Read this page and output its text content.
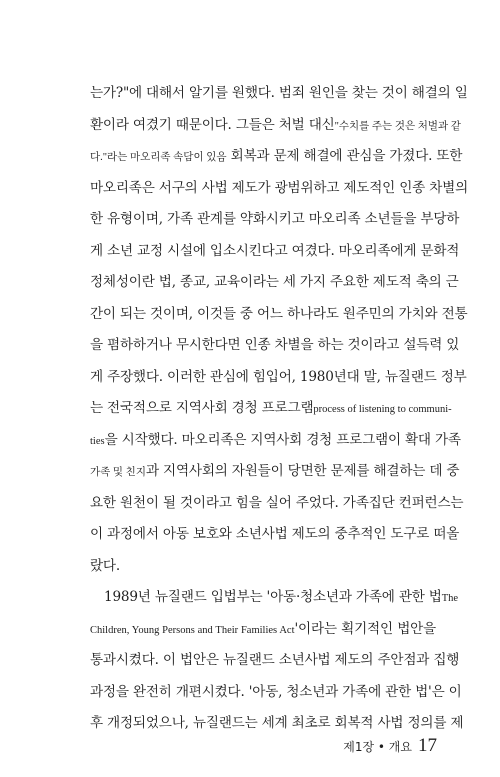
는가?"에 대해서 알기를 원했다. 범죄 원인을 찾는 것이 해결의 일
환이라 여겼기 때문이다. 그들은 처벌 대신"수치를 주는 것은 처벌과 같
다."라는 마오리족 속담이 있음 회복과 문제 해결에 관심을 가졌다. 또한
마오리족은 서구의 사법 제도가 광범위하고 제도적인 인종 차별의
한 유형이며, 가족 관계를 약화시키고 마오리족 소년들을 부당하
게 소년 교정 시설에 입소시킨다고 여겼다. 마오리족에게 문화적
정체성이란 법, 종교, 교육이라는 세 가지 주요한 제도적 축의 근
간이 되는 것이며, 이것들 중 어느 하나라도 원주민의 가치와 전통
을 폄하하거나 무시한다면 인종 차별을 하는 것이라고 설득력 있
게 주장했다. 이러한 관심에 힘입어, 1980년대 말, 뉴질랜드 정부
는 전국적으로 지역사회 경청 프로그램process of listening to communi-
ties을 시작했다. 마오리족은 지역사회 경청 프로그램이 확대 가족
가족 및 친지과 지역사회의 자원들이 당면한 문제를 해결하는 데 중
요한 원천이 될 것이라고 힘을 실어 주었다. 가족집단 컨퍼런스는
이 과정에서 아동 보호와 소년사법 제도의 중추적인 도구로 떠올
랐다.
1989년 뉴질랜드 입법부는 '아동·청소년과 가족에 관한 법The
Children, Young Persons and Their Families Act'이라는 획기적인 법안을
통과시켰다. 이 법안은 뉴질랜드 소년사법 제도의 주안점과 집행
과정을 완전히 개편시켰다. '아동, 청소년과 가족에 관한 법'은 이
후 개정되었으나, 뉴질랜드는 세계 최초로 회복적 사법 정의를 제
제1장 • 개요 17
